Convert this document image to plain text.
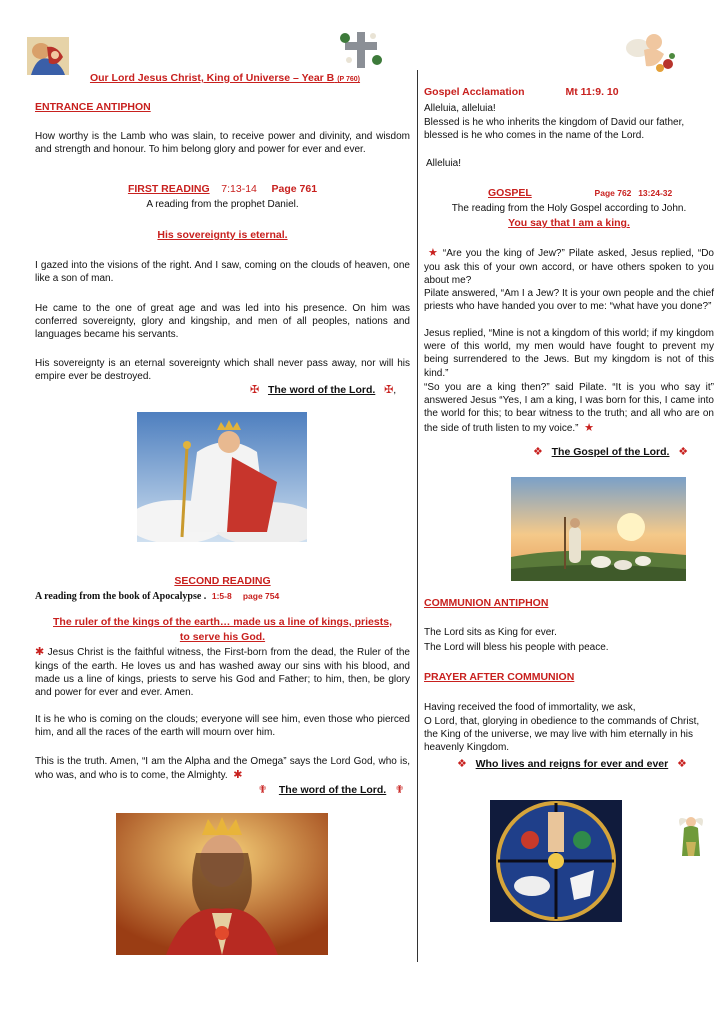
Our Lord Jesus Christ, King of Universe – Year B (P 760)
ENTRANCE ANTIPHON

How worthy is the Lamb who was slain, to receive power and divinity, and wisdom and strength and honour. To him belong glory and power for ever and ever.

FIRST READING 7:13-14 Page 761
A reading from the prophet Daniel.
His sovereignty is eternal.

I gazed into the visions of the right. And I saw, coming on the clouds of heaven, one like a son of man.

He came to the one of great age and was led into his presence. On him was conferred sovereignty, glory and kingship, and men of all peoples, nations and languages became his servants.

His sovereignty is an eternal sovereignty which shall never pass away, nor will his empire ever be destroyed.

✠ The word of the Lord. ✠,
SECOND READING
A reading from the book of Apocalypse . 1:5-8 page 754
The ruler of the kings of the earth… made us a line of kings, priests,
to serve his God.

✱ Jesus Christ is the faithful witness, the First-born from the dead, the Ruler of the kings of the earth. He loves us and has washed away our sins with his blood, and made us a line of kings, priests to serve his God and Father; to him, then, be glory and power for ever and ever. Amen.

It is he who is coming on the clouds; everyone will see him, even those who pierced him, and all the races of the earth will mourn over him.

This is the truth. Amen, “I am the Alpha and the Omega” says the Lord God, who is, who was, and who is to come, the Almighty. ✱

✟ The word of the Lord. ✟
Gospel Acclamation	Mt 11:9. 10

Alleluia, alleluia!

Blessed is he who inherits the kingdom of David our father, blessed is he who comes in the name of the Lord.

Alleluia!

GOSPEL	Page 762 13:24-32
The reading from the Holy Gospel according to John.
You say that I am a king.

★ “Are you the king of Jew?” Pilate asked, Jesus replied, “Do you ask this of your own accord, or have others spoken to you about me?

Pilate answered, “Am I a Jew? It is your own people and the chief priests who have handed you over to me: “what have you done?”

Jesus replied, “Mine is not a kingdom of this world; if my kingdom were of this world, my men would have fought to prevent my being surrendered to the Jews. But my kingdom is not of this kind.”

“So you are a king then?” said Pilate. “It is you who say it” answered Jesus “Yes, I am a king, I was born for this, I came into the world for this; to bear witness to the truth; and all who are on the side of truth listen to my voice.” ★

❖ The Gospel of the Lord. ❖
COMMUNION ANTIPHON

The Lord sits as King for ever.

The Lord will bless his people with peace.

PRAYER AFTER COMMUNION

Having received the food of immortality, we ask,

O Lord, that, glorying in obedience to the commands of Christ, the King of the universe, we may live with him eternally in his heavenly Kingdom.

❖ Who lives and reigns for ever and ever ❖
